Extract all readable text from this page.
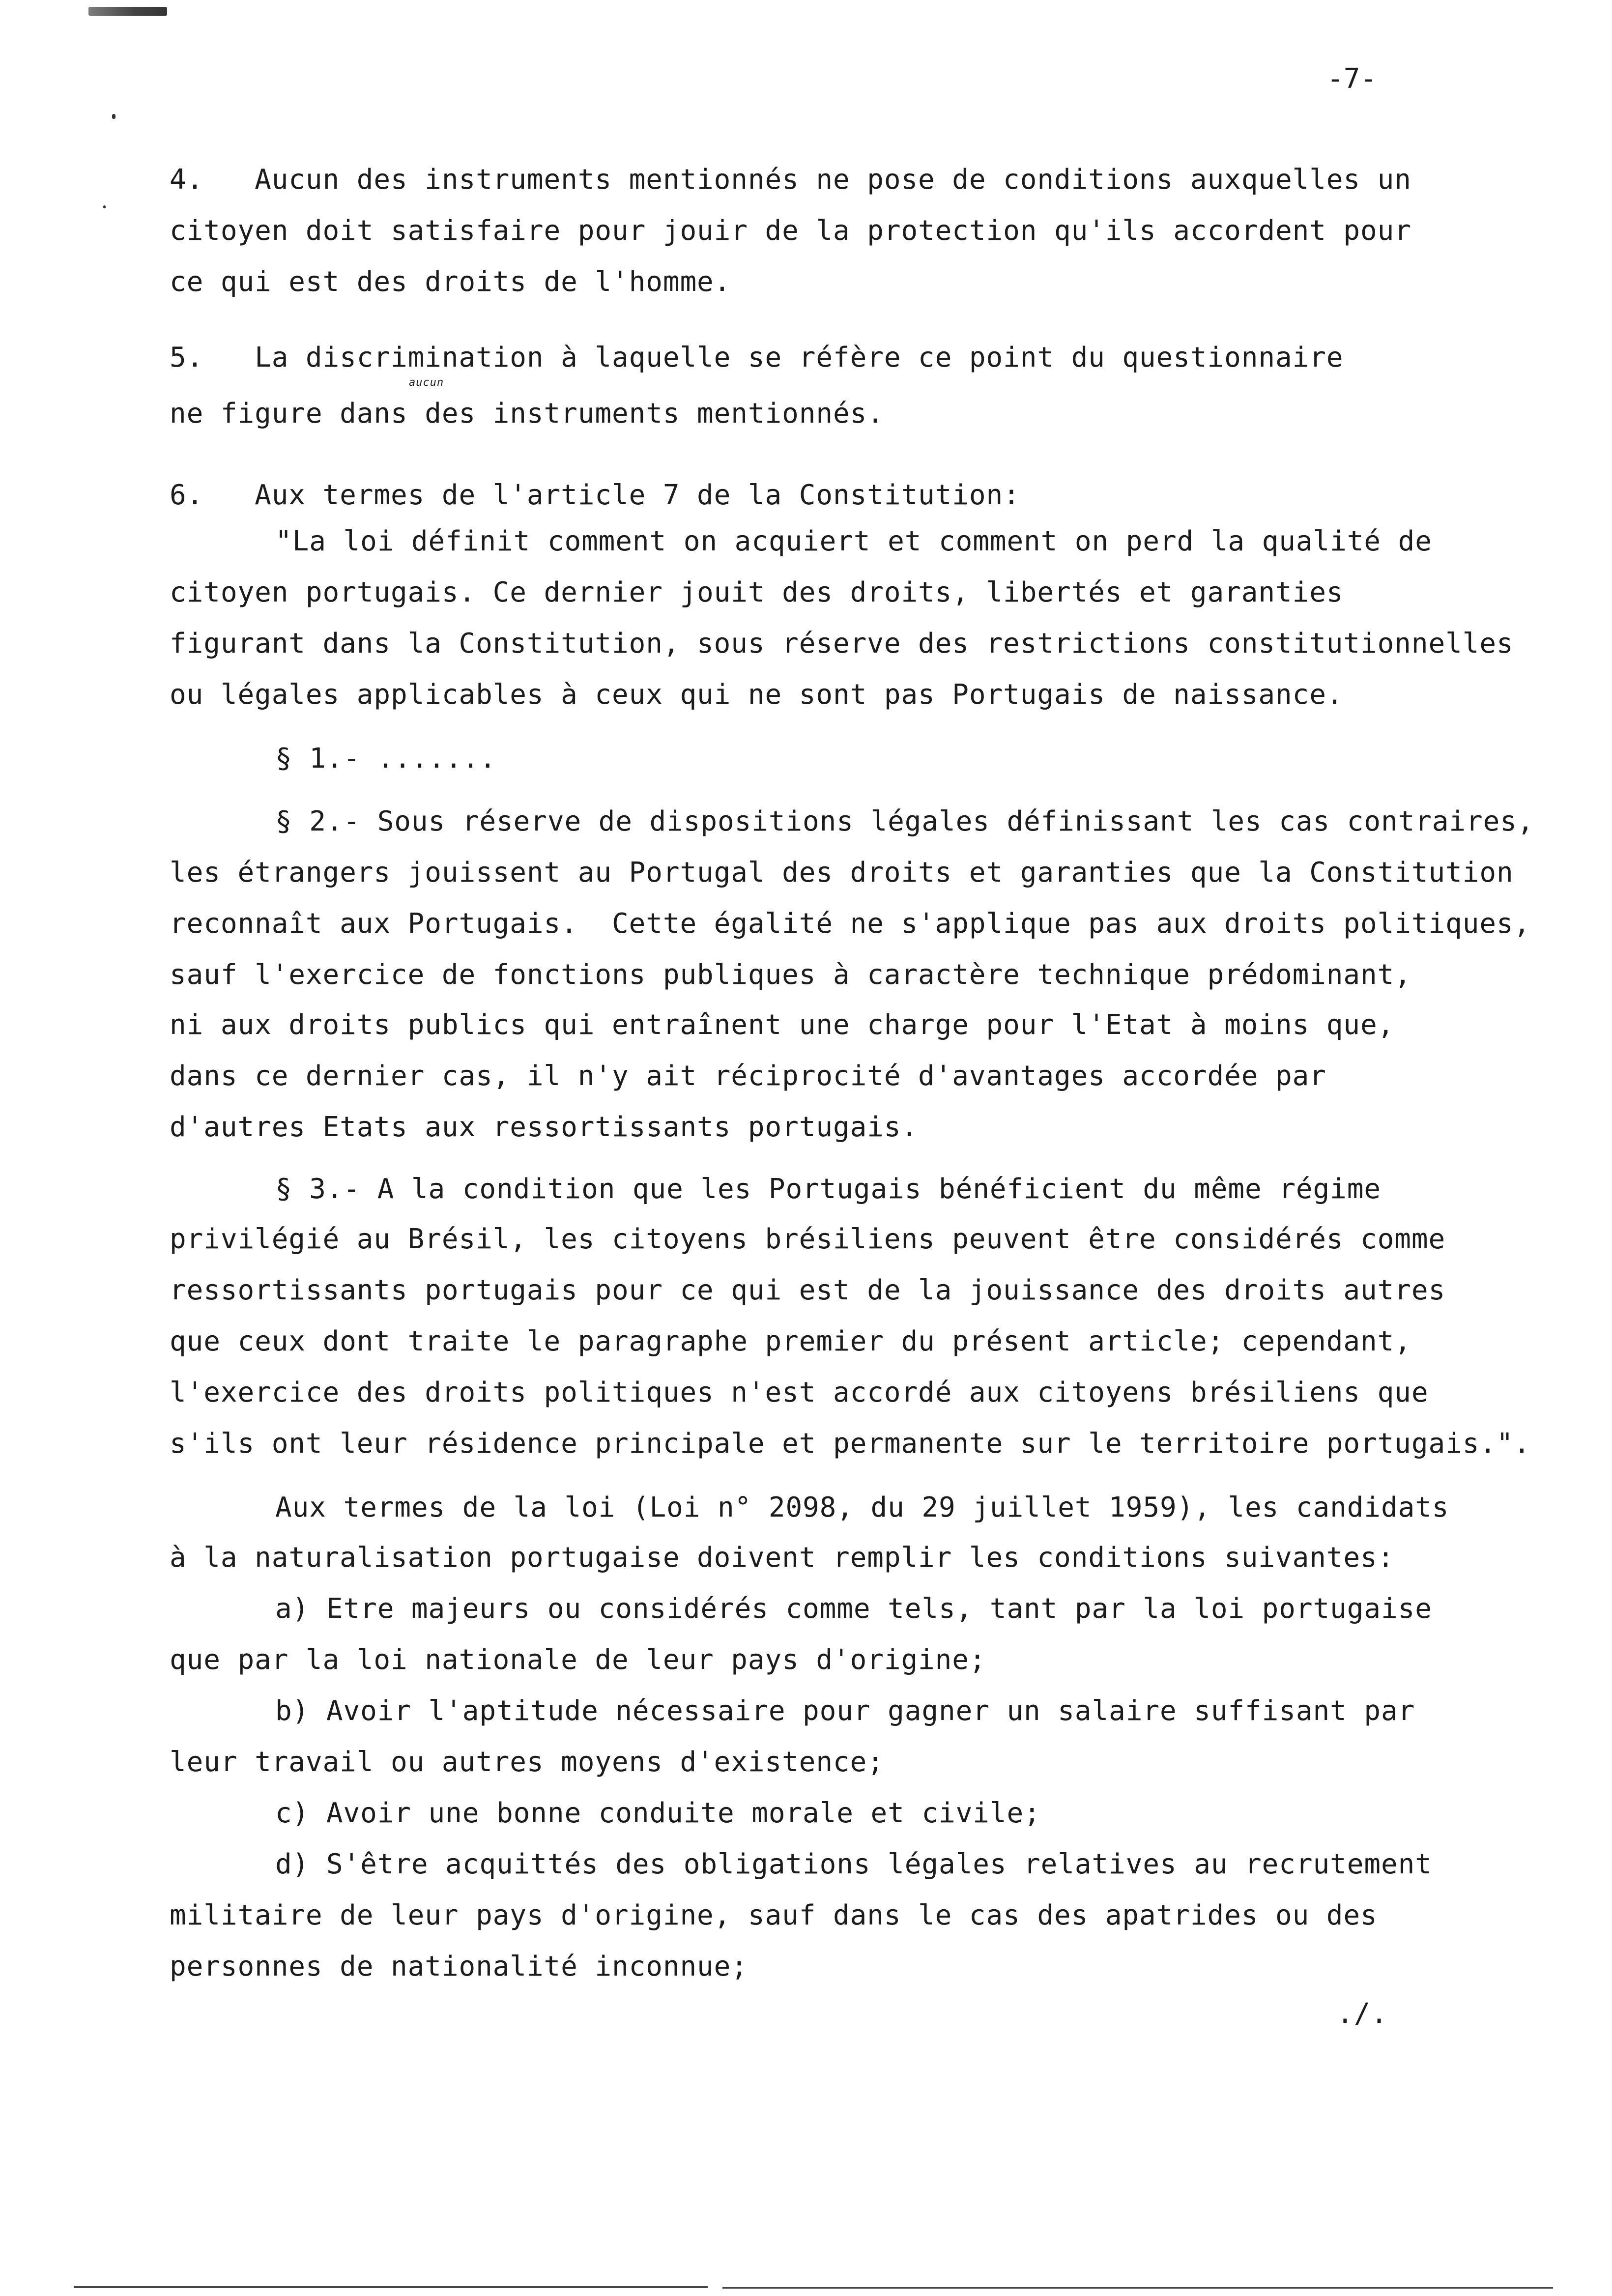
-7-
4.   Aucun des instruments mentionnés ne pose de conditions auxquelles un
citoyen doit satisfaire pour jouir de la protection qu'ils accordent pour
ce qui est des droits de l'homme.
5.   La discrimination à laquelle se réfère ce point du questionnaire
aucun
ne figure dans des instruments mentionnés.
6.   Aux termes de l'article 7 de la Constitution:
"La loi définit comment on acquiert et comment on perd la qualité de
citoyen portugais. Ce dernier jouit des droits, libertés et garanties
figurant dans la Constitution, sous réserve des restrictions constitutionnelles
ou légales applicables à ceux qui ne sont pas Portugais de naissance.
§ 1.- .......
§ 2.- Sous réserve de dispositions légales définissant les cas contraires,
les étrangers jouissent au Portugal des droits et garanties que la Constitution
reconnaît aux Portugais.  Cette égalité ne s'applique pas aux droits politiques,
sauf l'exercice de fonctions publiques à caractère technique prédominant,
ni aux droits publics qui entraînent une charge pour l'Etat à moins que,
dans ce dernier cas, il n'y ait réciprocité d'avantages accordée par
d'autres Etats aux ressortissants portugais.
§ 3.- A la condition que les Portugais bénéficient du même régime
privilégié au Brésil, les citoyens brésiliens peuvent être considérés comme
ressortissants portugais pour ce qui est de la jouissance des droits autres
que ceux dont traite le paragraphe premier du présent article; cependant,
l'exercice des droits politiques n'est accordé aux citoyens brésiliens que
s'ils ont leur résidence principale et permanente sur le territoire portugais.".
Aux termes de la loi (Loi n° 2098, du 29 juillet 1959), les candidats
à la naturalisation portugaise doivent remplir les conditions suivantes:
a) Etre majeurs ou considérés comme tels, tant par la loi portugaise
que par la loi nationale de leur pays d'origine;
b) Avoir l'aptitude nécessaire pour gagner un salaire suffisant par
leur travail ou autres moyens d'existence;
c) Avoir une bonne conduite morale et civile;
d) S'être acquittés des obligations légales relatives au recrutement
militaire de leur pays d'origine, sauf dans le cas des apatrides ou des
personnes de nationalité inconnue;
./.
